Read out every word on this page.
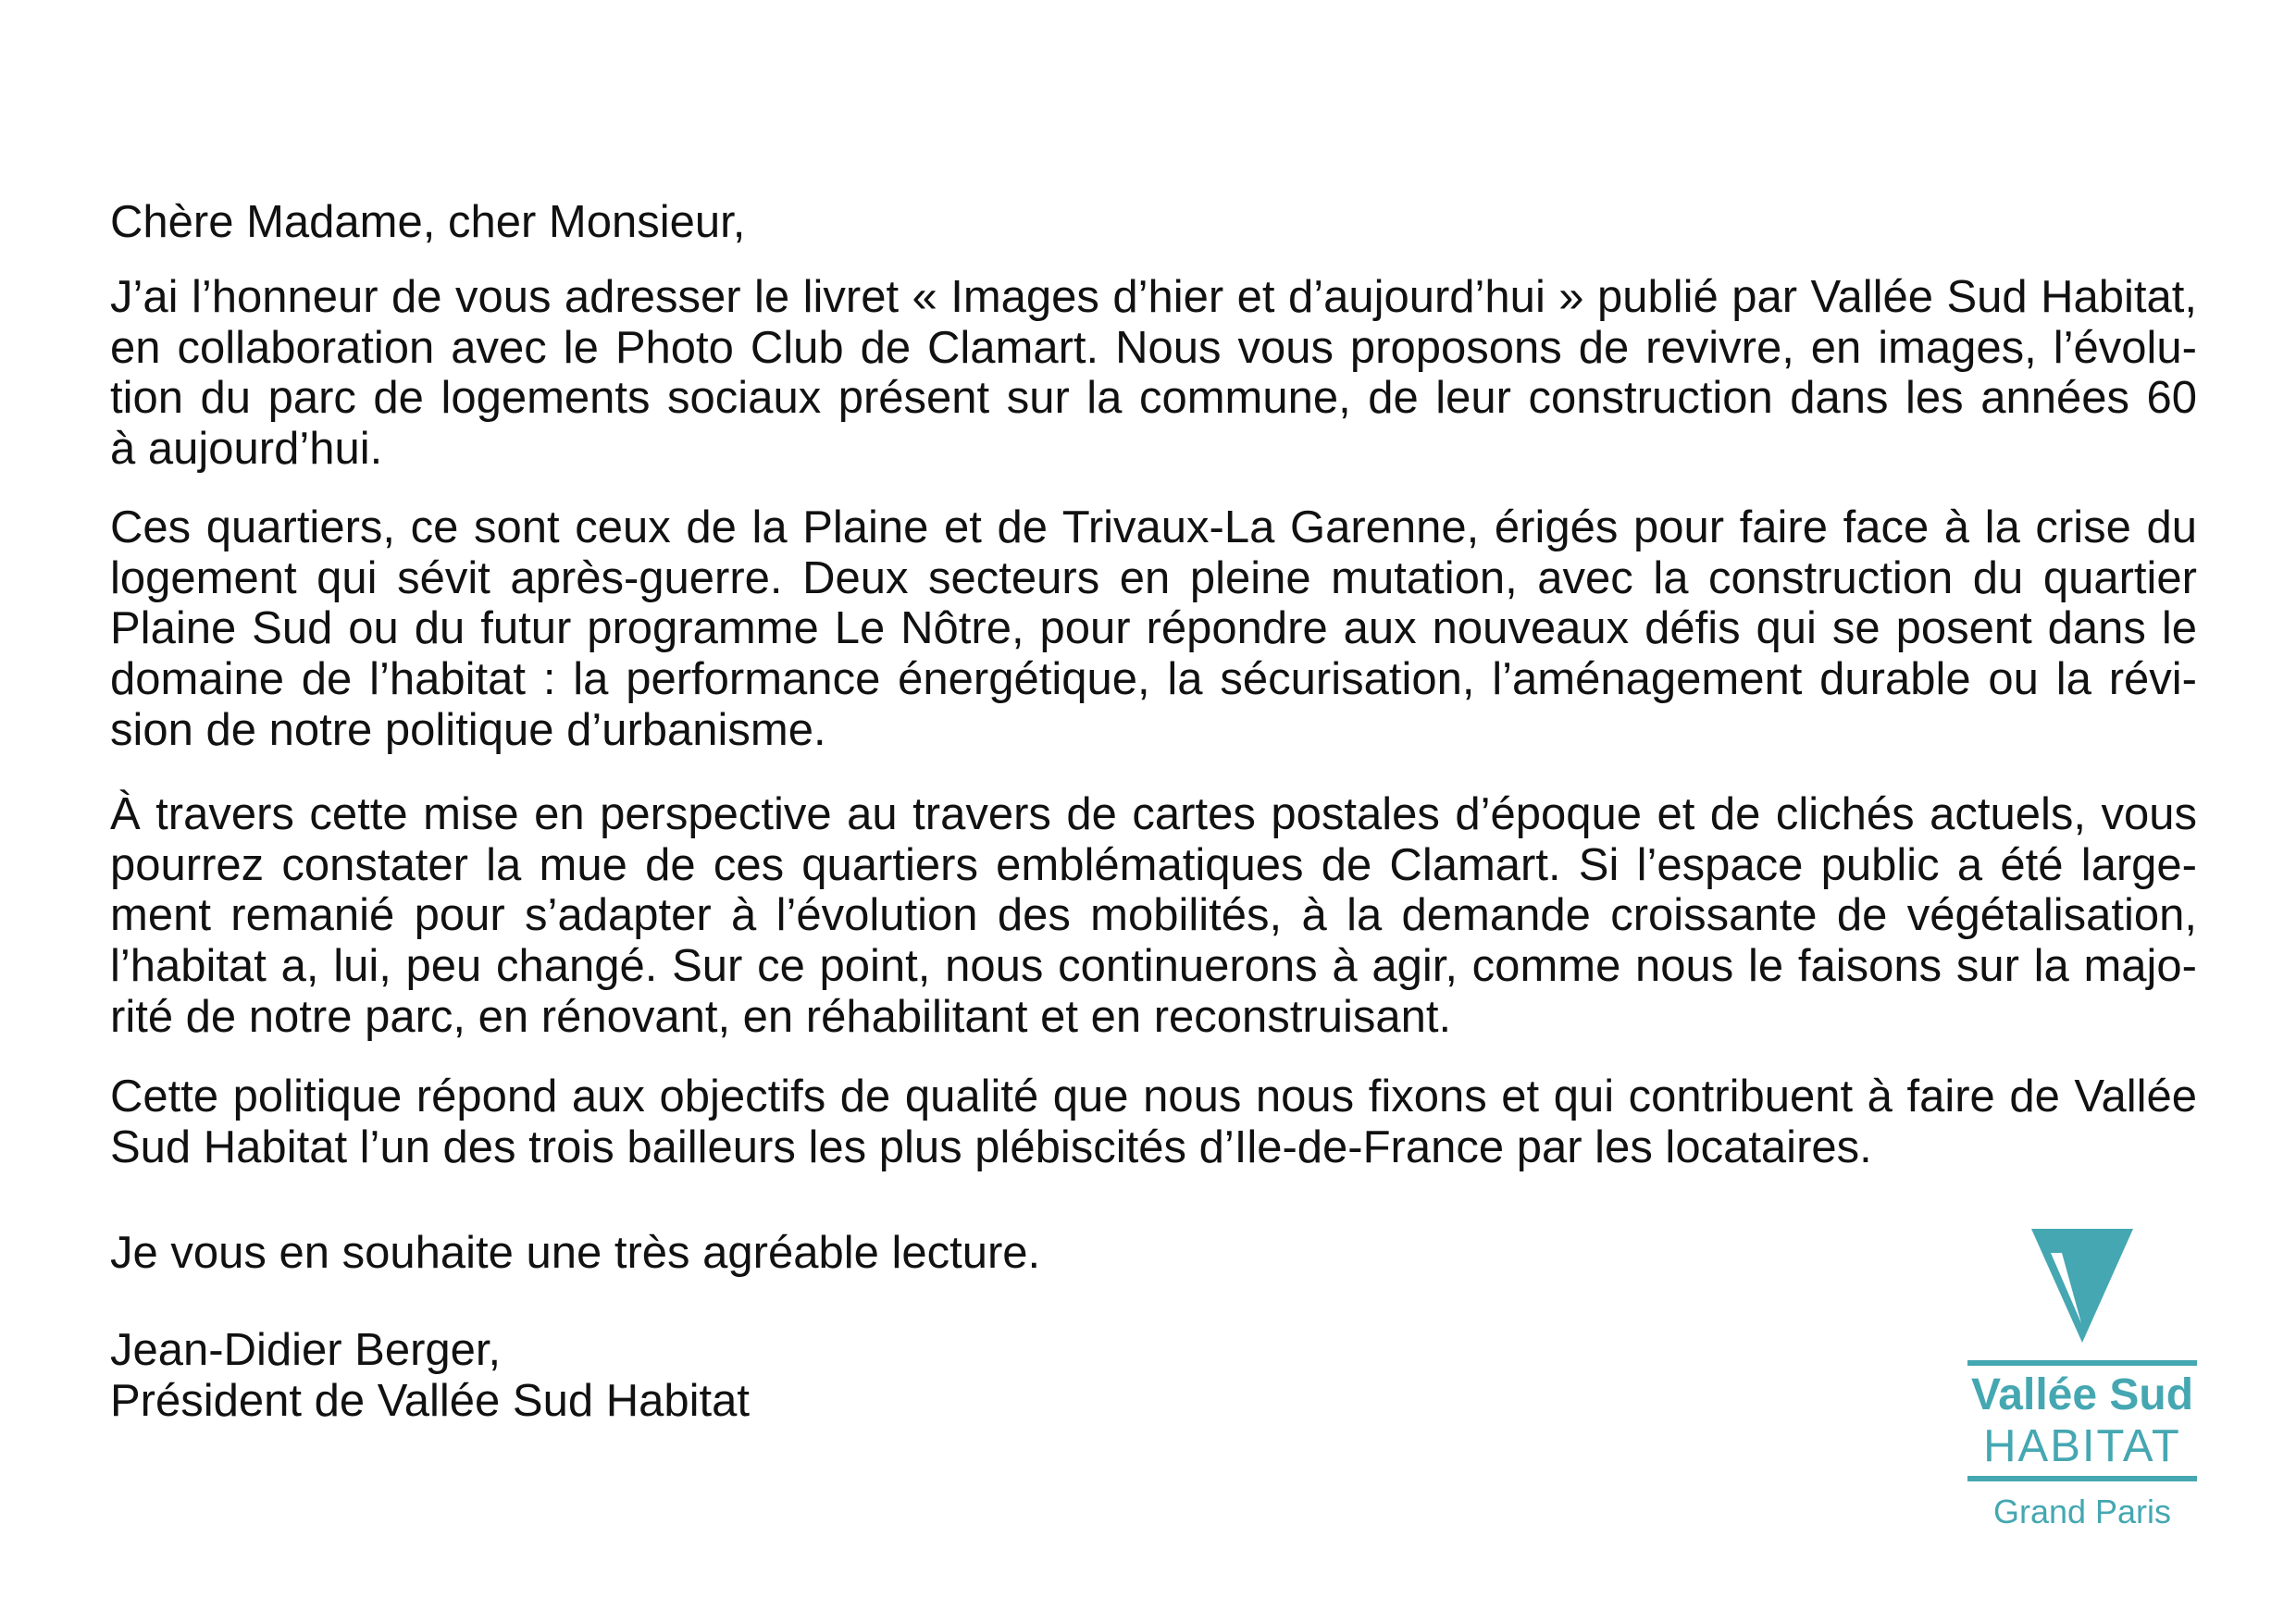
Chère Madame, cher Monsieur,
J’ai l’honneur de vous adresser le livret « Images d’hier et d’aujourd’hui » publié par Vallée Sud Habitat,
en collaboration avec le Photo Club de Clamart. Nous vous proposons de revivre, en images, l’évolu-
tion du parc de logements sociaux présent sur la commune, de leur construction dans les années 60
à aujourd’hui.
Ces quartiers, ce sont ceux de la Plaine et de Trivaux-La Garenne, érigés pour faire face à la crise du
logement qui sévit après-guerre. Deux secteurs en pleine mutation, avec la construction du quartier
Plaine Sud ou du futur programme Le Nôtre, pour répondre aux nouveaux défis qui se posent dans le
domaine de l’habitat : la performance énergétique, la sécurisation, l’aménagement durable ou la révi-
sion de notre politique d’urbanisme.
À travers cette mise en perspective au travers de cartes postales d’époque et de clichés actuels, vous
pourrez constater la mue de ces quartiers emblématiques de Clamart. Si l’espace public a été large-
ment remanié pour s’adapter à l’évolution des mobilités, à la demande croissante de végétalisation,
l’habitat a, lui, peu changé. Sur ce point, nous continuerons à agir, comme nous le faisons sur la majo-
rité de notre parc, en rénovant, en réhabilitant et en reconstruisant.
Cette politique répond aux objectifs de qualité que nous nous fixons et qui contribuent à faire de Vallée
Sud Habitat l’un des trois bailleurs les plus plébiscités d’Ile-de-France par les locataires.
Je vous en souhaite une très agréable lecture.
Jean-Didier Berger,
Président de Vallée Sud Habitat	Vallée Sud
HABITAT
Grand Paris
